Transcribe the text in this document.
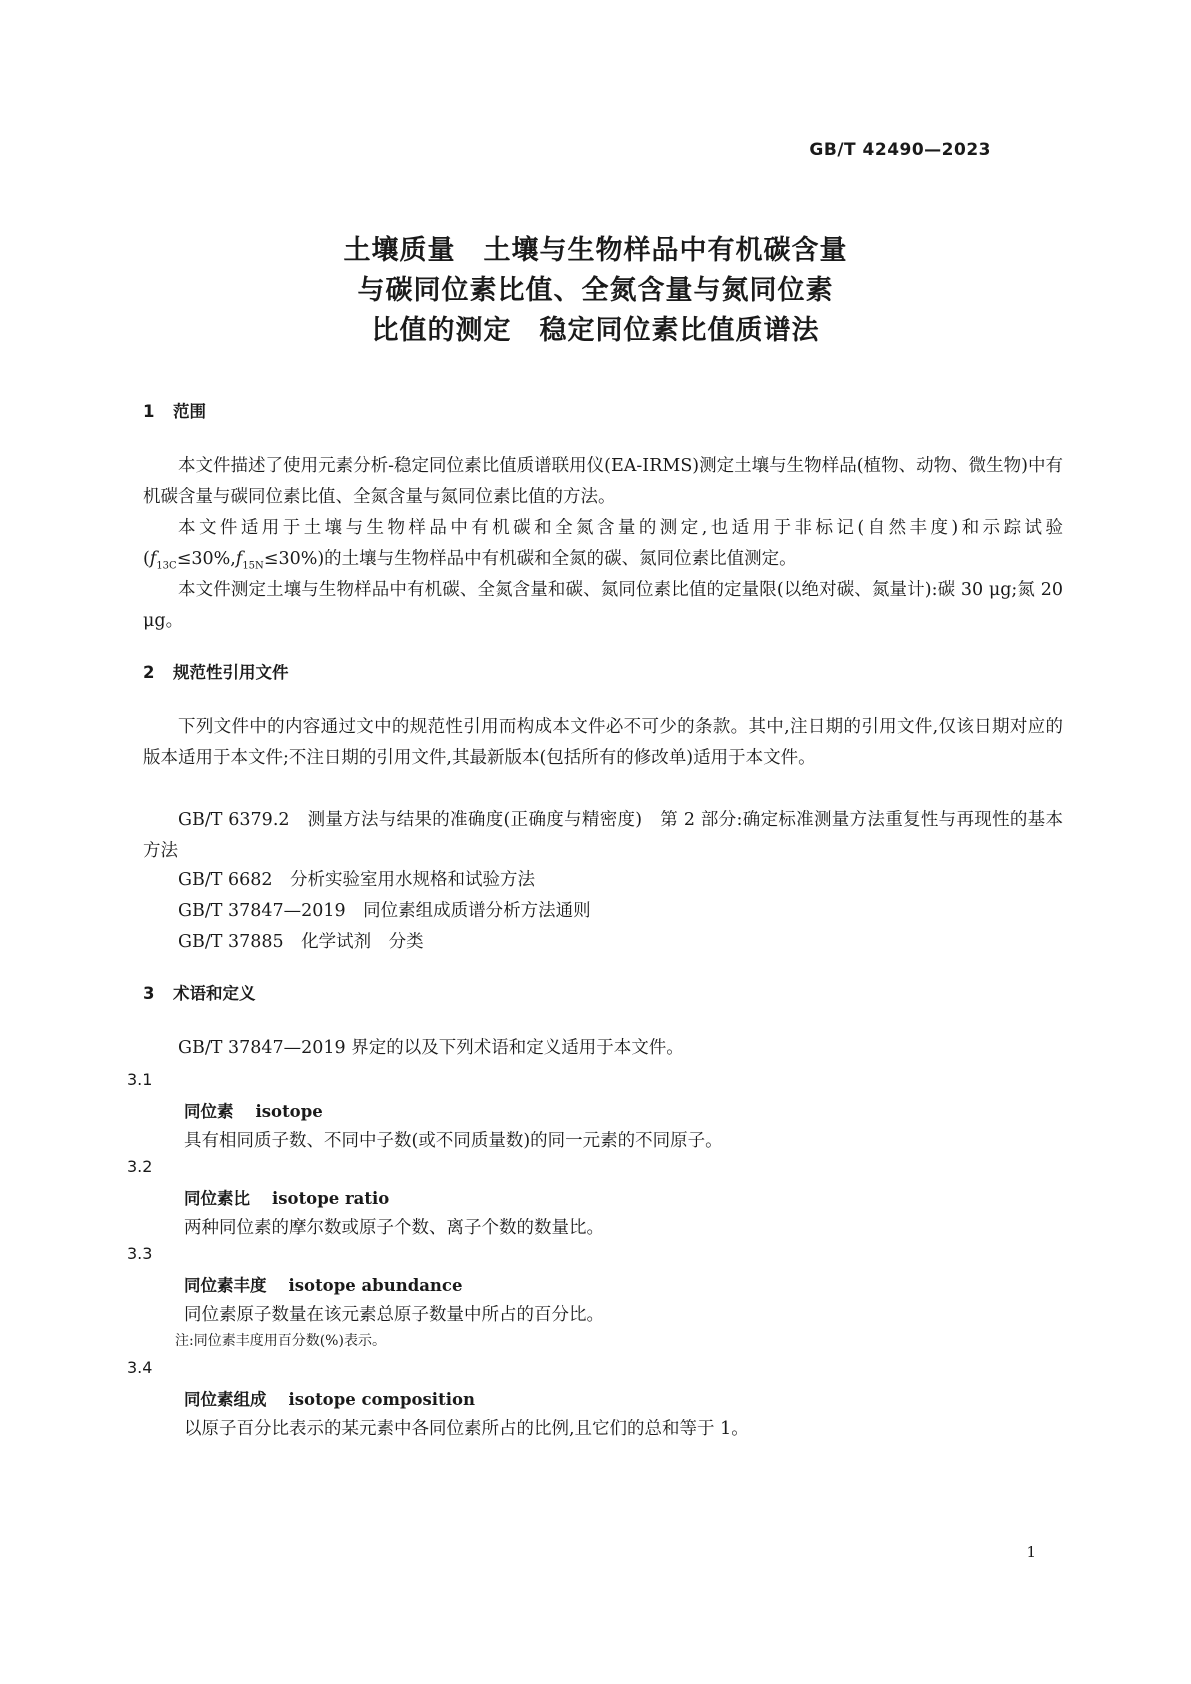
GB/T 42490—2023
土壤质量　土壤与生物样品中有机碳含量
与碳同位素比值、全氮含量与氮同位素
比值的测定　稳定同位素比值质谱法
1 范围
本文件描述了使用元素分析-稳定同位素比值质谱联用仪(EA-IRMS)测定土壤与生物样品(植物、动物、微生物)中有机碳含量与碳同位素比值、全氮含量与氮同位素比值的方法。
本文件适用于土壤与生物样品中有机碳和全氮含量的测定,也适用于非标记(自然丰度)和示踪试验$(f_{13C}\le 30\%,f_{15N}\le 30\%)$的土壤与生物样品中有机碳和全氮的碳、氮同位素比值测定。
本文件测定土壤与生物样品中有机碳、全氮含量和碳、氮同位素比值的定量限(以绝对碳、氮量计):碳 30 μg;氮 20 μg。
2 规范性引用文件
下列文件中的内容通过文中的规范性引用而构成本文件必不可少的条款。其中,注日期的引用文件,仅该日期对应的版本适用于本文件;不注日期的引用文件,其最新版本(包括所有的修改单)适用于本文件。
GB/T 6379.2　测量方法与结果的准确度(正确度与精密度)　第 2 部分:确定标准测量方法重复性与再现性的基本方法
GB/T 6682　分析实验室用水规格和试验方法
GB/T 37847—2019　同位素组成质谱分析方法通则
GB/T 37885　化学试剂　分类
3 术语和定义
GB/T 37847—2019 界定的以及下列术语和定义适用于本文件。
3.1
同位素 isotope
具有相同质子数、不同中子数(或不同质量数)的同一元素的不同原子。
3.2
同位素比 isotope ratio
两种同位素的摩尔数或原子个数、离子个数的数量比。
3.3
同位素丰度 isotope abundance
同位素原子数量在该元素总原子数量中所占的百分比。
注:同位素丰度用百分数(%)表示。
3.4
同位素组成 isotope composition
以原子百分比表示的某元素中各同位素所占的比例,且它们的总和等于 1。
1
